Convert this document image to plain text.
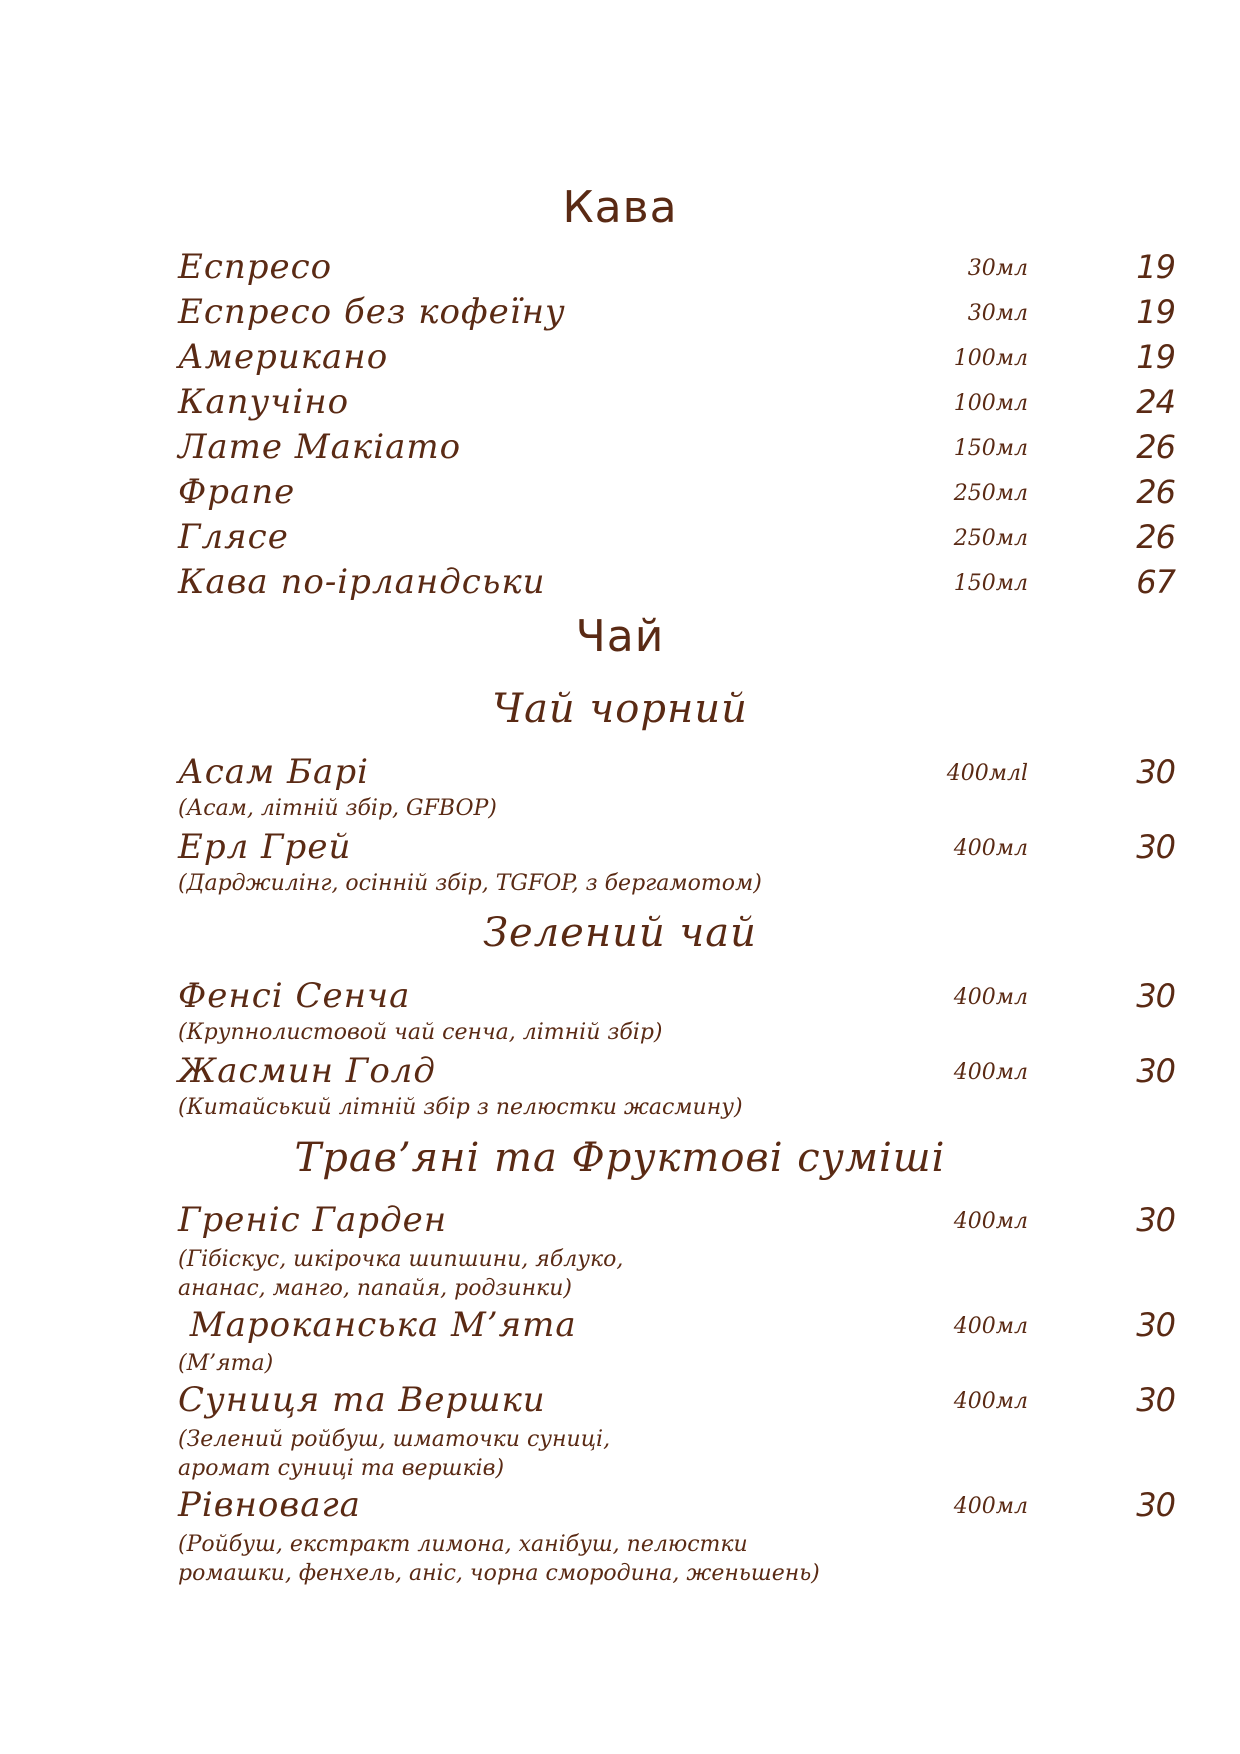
Кава
Еспресо	30мл	19
Еспресо без кофеїну	30мл	19
Американо	100мл	19
Капучіно	100мл	24
Лате Макіато	150мл	26
Фрапе	250мл	26
Глясе	250мл	26
Кава по-ірландськи	150мл	67
Чай
Чай чорний
Асам Барі	400млl	30
(Асам, літній збір, GFBOP)
Ерл Грей	400мл	30
(Дарджилінг, осінній збір, TGFOP, з бергамотом)
Зелений чай
Фенсі Сенча	400мл	30
(Крупнолистовой чай сенча, літній збір)
Жасмин Голд	400мл	30
(Китайський літній збір з пелюстки жасмину)
Трав’яні та Фруктові суміші
Греніс Гарден	400мл	30
(Гібіскус, шкірочка шипшини, яблуко,
ананас, манго, папайя, родзинки)
Мароканська М’ята	400мл	30
(М’ята)
Суниця та Вершки	400мл	30
(Зелений ройбуш, шматочки суниці,
аромат суниці та вершків)
Рівновага	400мл	30
(Ройбуш, екстракт лимона, ханібуш, пелюстки
ромашки, фенхель, аніс, чорна смородина, женьшень)
